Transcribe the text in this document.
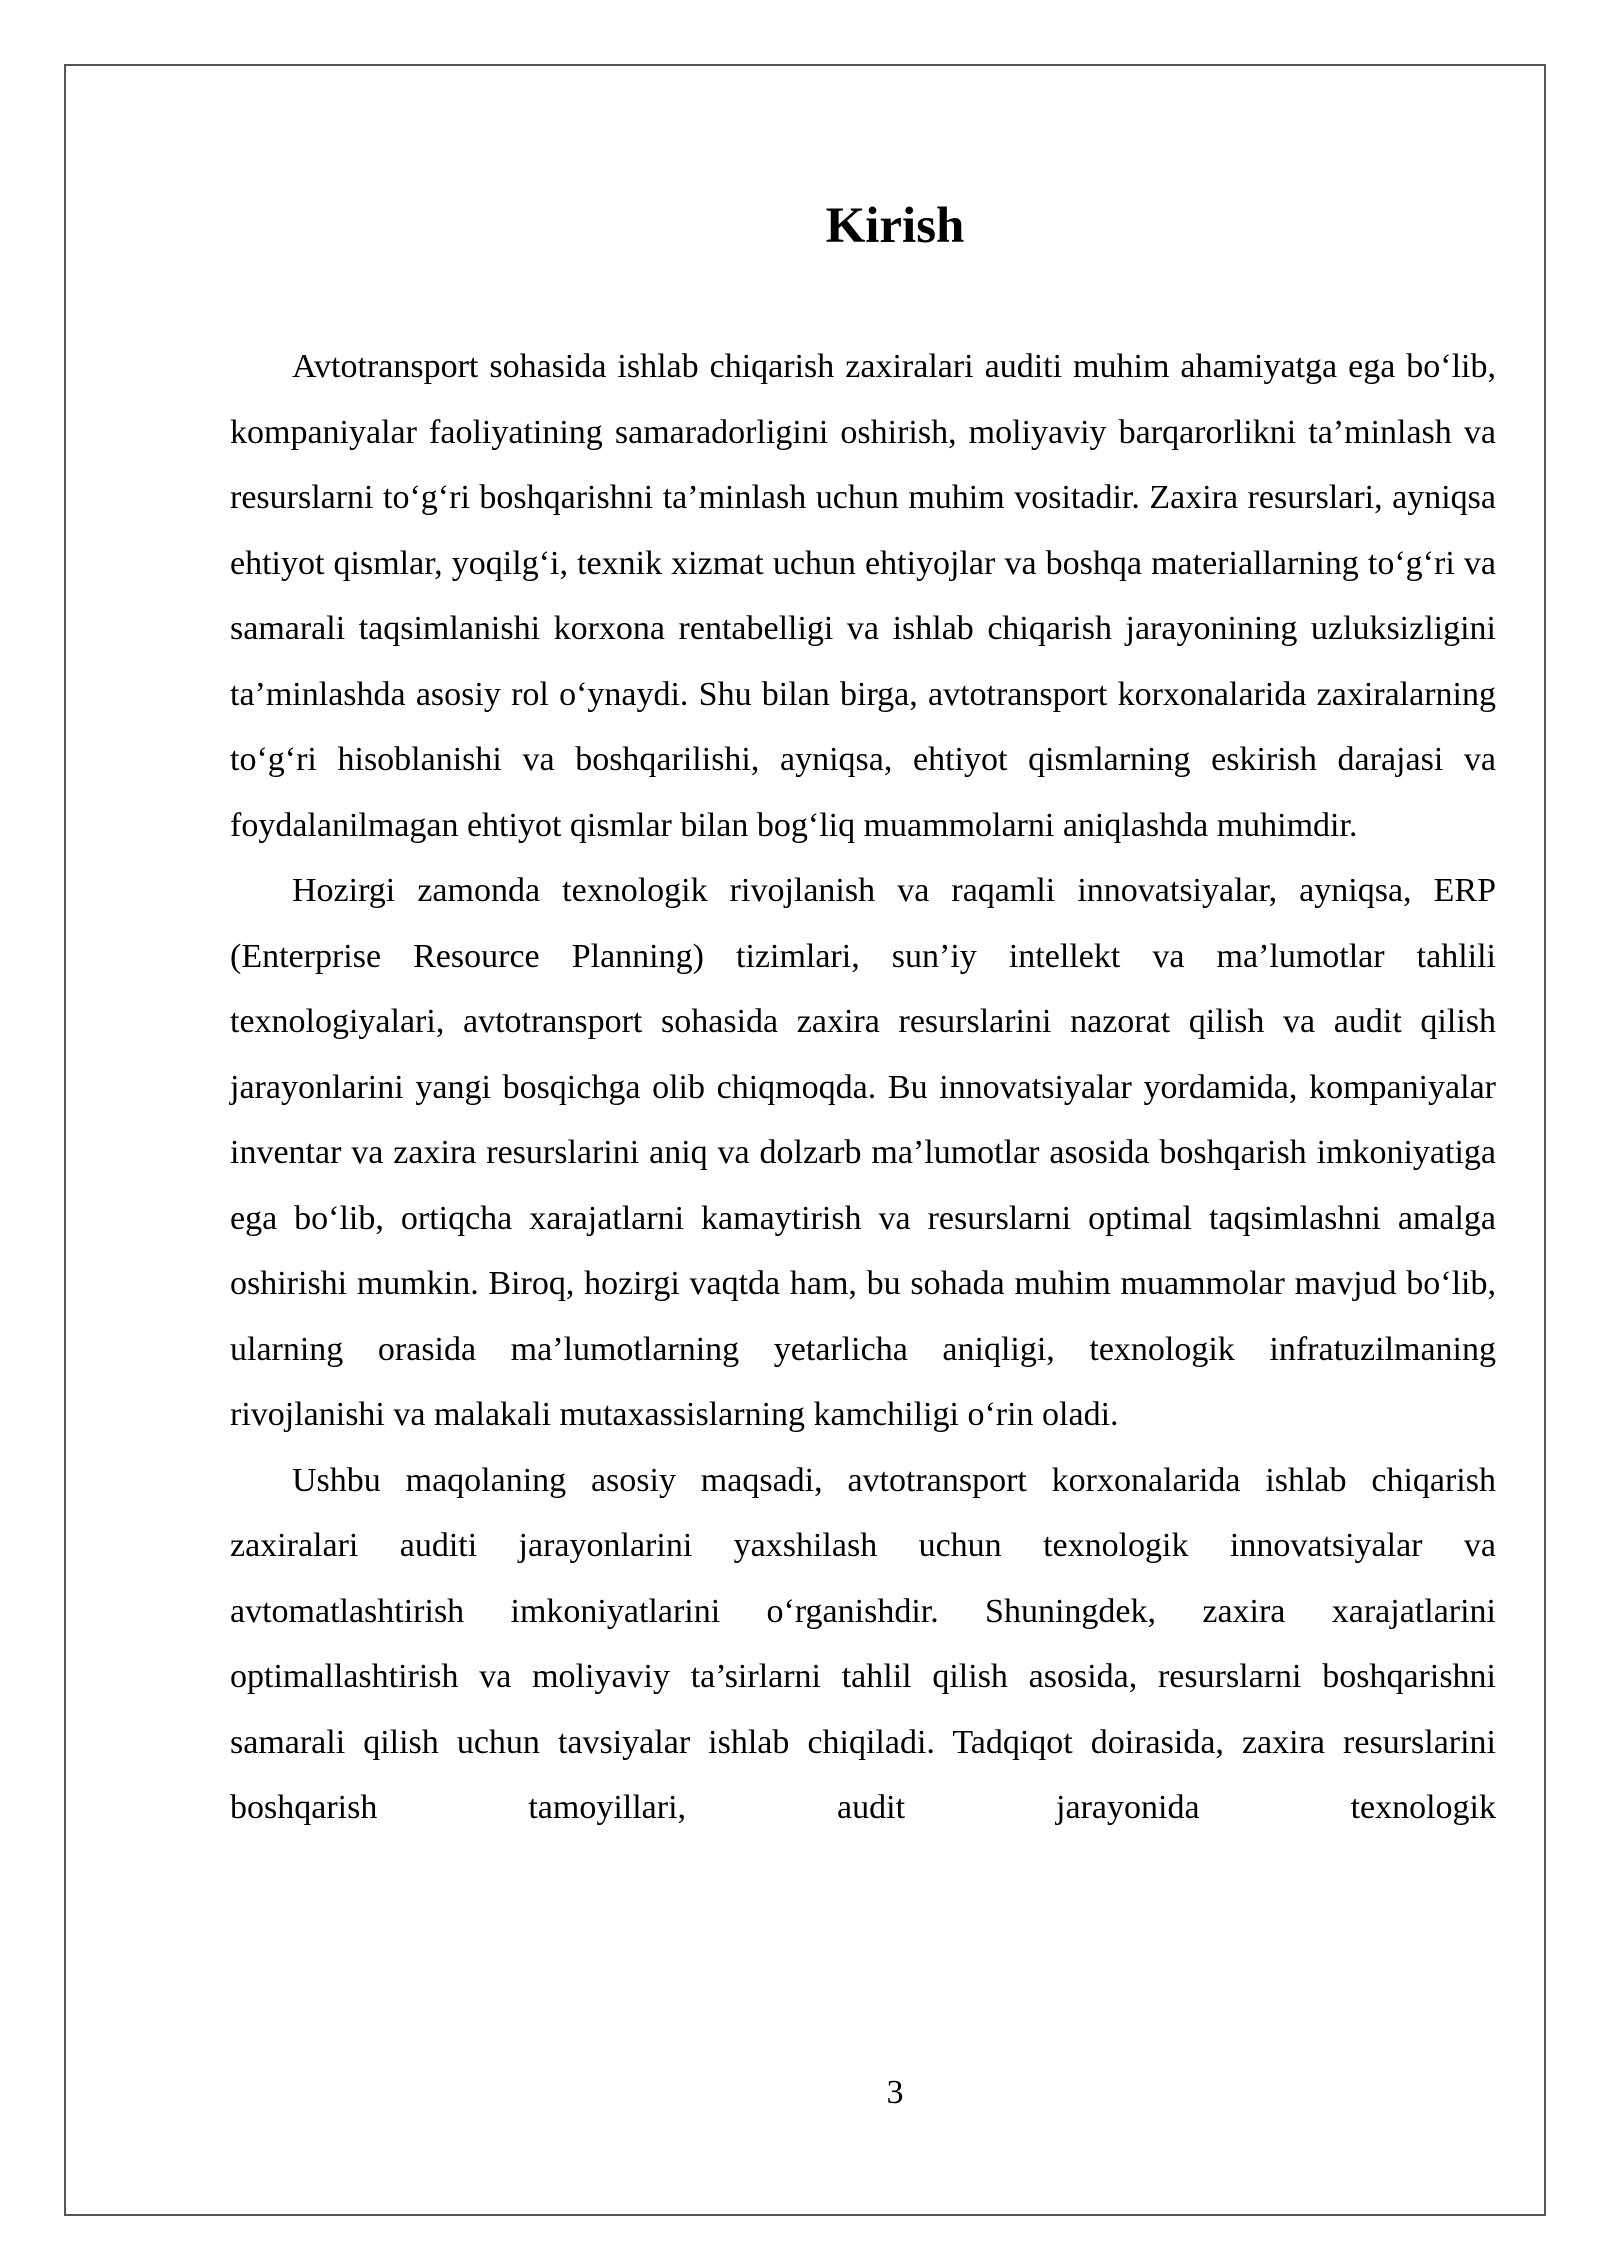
Kirish

Avtotransport sohasida ishlab chiqarish zaxiralari auditi muhim ahamiyatga ega bo‘lib, kompaniyalar faoliyatining samaradorligini oshirish, moliyaviy barqarorlikni ta’minlash va resurslarni to‘g‘ri boshqarishni ta’minlash uchun muhim vositadir. Zaxira resurslari, ayniqsa ehtiyot qismlar, yoqilg‘i, texnik xizmat uchun ehtiyojlar va boshqa materiallarning to‘g‘ri va samarali taqsimlanishi korxona rentabelligi va ishlab chiqarish jarayonining uzluksizligini ta’minlashda asosiy rol o‘ynaydi. Shu bilan birga, avtotransport korxonalarida zaxiralarning to‘g‘ri hisoblanishi va boshqarilishi, ayniqsa, ehtiyot qismlarning eskirish darajasi va foydalanilmagan ehtiyot qismlar bilan bog‘liq muammolarni aniqlashda muhimdir.

Hozirgi zamonda texnologik rivojlanish va raqamli innovatsiyalar, ayniqsa, ERP (Enterprise Resource Planning) tizimlari, sun’iy intellekt va ma’lumotlar tahlili texnologiyalari, avtotransport sohasida zaxira resurslarini nazorat qilish va audit qilish jarayonlarini yangi bosqichga olib chiqmoqda. Bu innovatsiyalar yordamida, kompaniyalar inventar va zaxira resurslarini aniq va dolzarb ma’lumotlar asosida boshqarish imkoniyatiga ega bo‘lib, ortiqcha xarajatlarni kamaytirish va resurslarni optimal taqsimlashni amalga oshirishi mumkin. Biroq, hozirgi vaqtda ham, bu sohada muhim muammolar mavjud bo‘lib, ularning orasida ma’lumotlarning yetarlicha aniqligi, texnologik infratuzilmaning rivojlanishi va malakali mutaxassislarning kamchiligi o‘rin oladi.

Ushbu maqolaning asosiy maqsadi, avtotransport korxonalarida ishlab chiqarish zaxiralari auditi jarayonlarini yaxshilash uchun texnologik innovatsiyalar va avtomatlashtirish imkoniyatlarini o‘rganishdir. Shuningdek, zaxira xarajatlarini optimallashtirish va moliyaviy ta’sirlarni tahlil qilish asosida, resurslarni boshqarishni samarali qilish uchun tavsiyalar ishlab chiqiladi. Tadqiqot doirasida, zaxira resurslarini boshqarish tamoyillari, audit jarayonida texnologik

3
